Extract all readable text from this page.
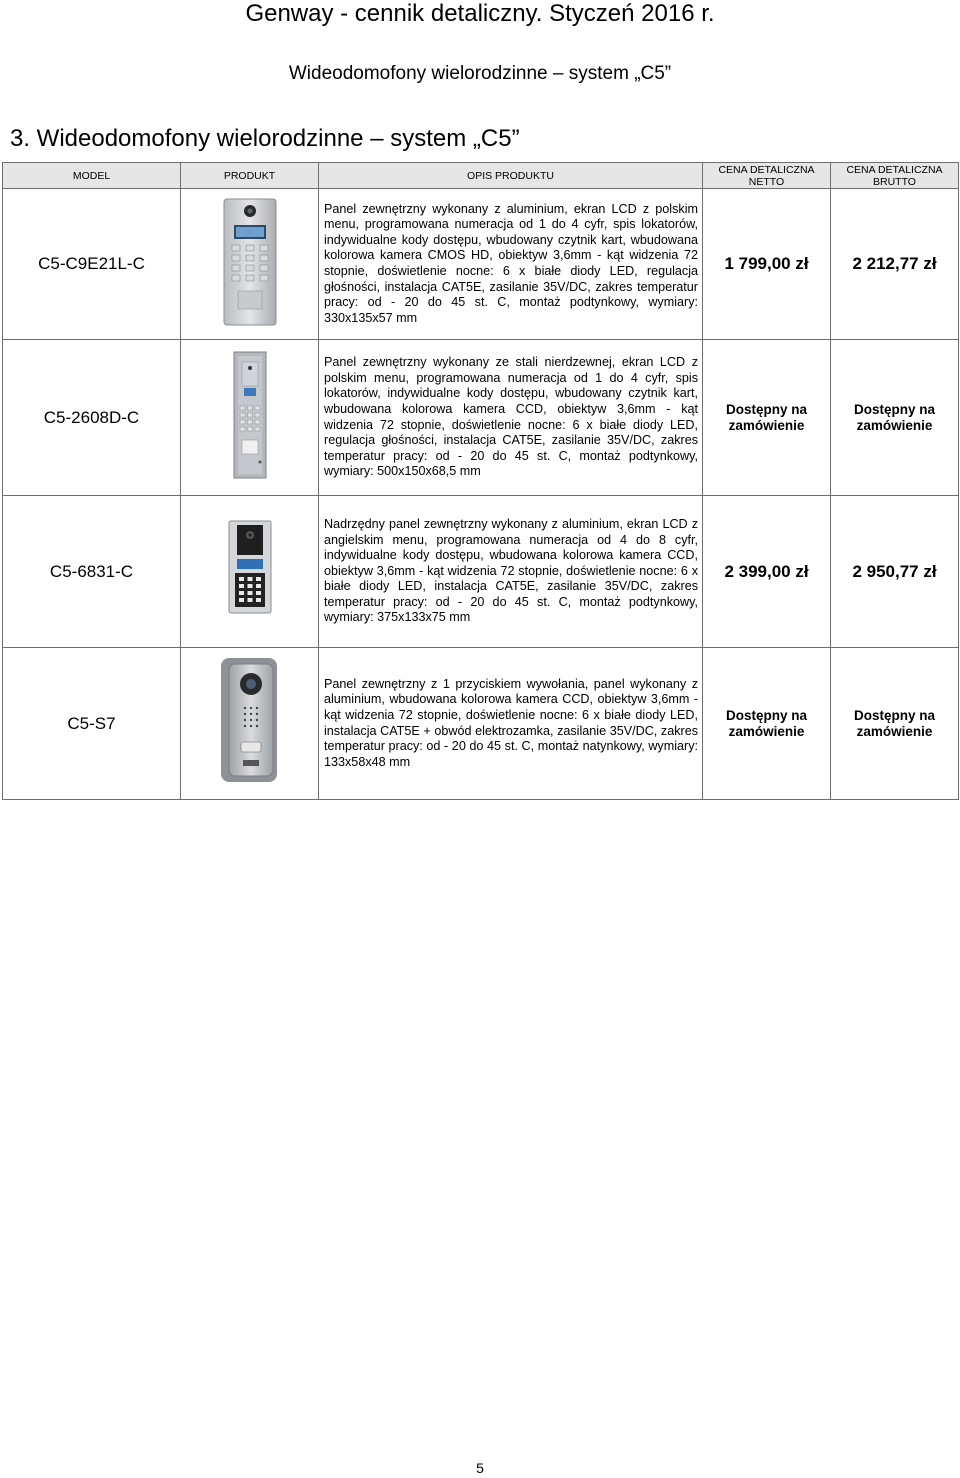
Genway - cennik detaliczny. Styczeń 2016 r.
Wideodomofony wielorodzinne – system „C5”
3. Wideodomofony wielorodzinne – system „C5”
MODEL	PRODUKT	OPIS PRODUKTU	CENA DETALICZNA NETTO	CENA DETALICZNA BRUTTO
C5-C9E21L-C		Panel zewnętrzny wykonany z aluminium, ekran LCD z polskim menu, programowana numeracja od 1 do 4 cyfr, spis lokatorów, indywidualne kody dostępu, wbudowany czytnik kart, wbudowana kolorowa kamera CMOS HD, obiektyw 3,6mm - kąt widzenia 72 stopnie, doświetlenie nocne: 6 x białe diody LED, regulacja głośności, instalacja CAT5E, zasilanie 35V/DC, zakres temperatur pracy: od - 20 do 45 st. C, montaż podtynkowy, wymiary: 330x135x57 mm	1 799,00 zł	2 212,77 zł
C5-2608D-C		Panel zewnętrzny wykonany ze stali nierdzewnej, ekran LCD z polskim menu, programowana numeracja od 1 do 4 cyfr, spis lokatorów, indywidualne kody dostępu, wbudowany czytnik kart, wbudowana kolorowa kamera CCD, obiektyw 3,6mm - kąt widzenia 72 stopnie, doświetlenie nocne: 6 x białe diody LED, regulacja głośności, instalacja CAT5E, zasilanie 35V/DC, zakres temperatur pracy: od - 20 do 45 st. C, montaż podtynkowy, wymiary: 500x150x68,5 mm	Dostępny na zamówienie	Dostępny na zamówienie
C5-6831-C		Nadrzędny panel zewnętrzny wykonany z aluminium, ekran LCD z angielskim menu, programowana numeracja od 4 do 8 cyfr, indywidualne kody dostępu, wbudowana kolorowa kamera CCD, obiektyw 3,6mm - kąt widzenia 72 stopnie, doświetlenie nocne: 6 x białe diody LED, instalacja CAT5E, zasilanie 35V/DC, zakres temperatur pracy: od - 20 do 45 st. C, montaż podtynkowy, wymiary: 375x133x75 mm	2 399,00 zł	2 950,77 zł
C5-S7		Panel zewnętrzny z 1 przyciskiem wywołania, panel wykonany z aluminium, wbudowana kolorowa kamera CCD, obiektyw 3,6mm - kąt widzenia 72 stopnie, doświetlenie nocne: 6 x białe diody LED, instalacja CAT5E + obwód elektrozamka, zasilanie 35V/DC, zakres temperatur pracy: od - 20 do 45 st. C, montaż natynkowy, wymiary: 133x58x48 mm	Dostępny na zamówienie	Dostępny na zamówienie
5
